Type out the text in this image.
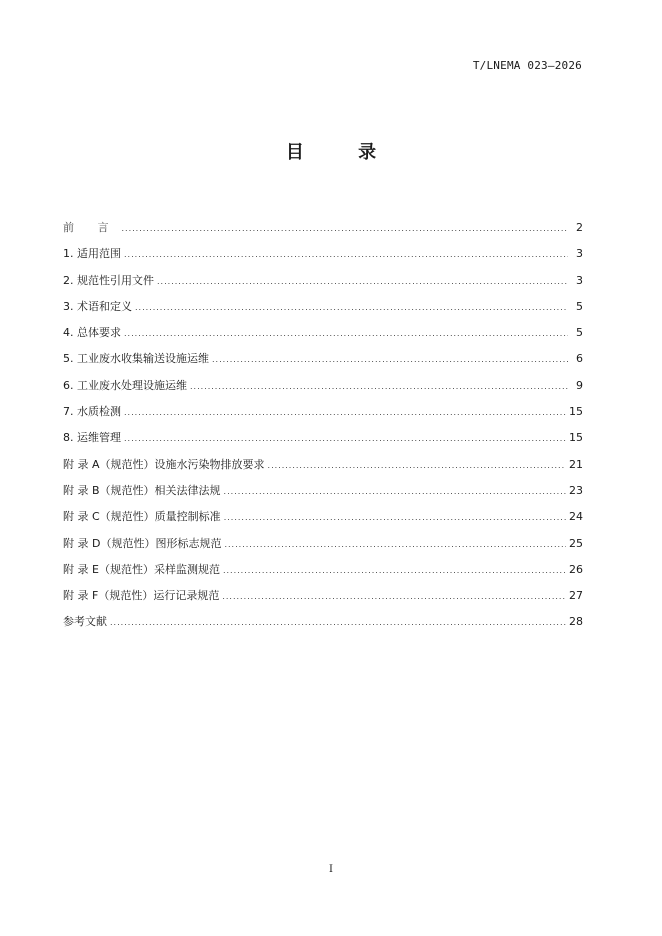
T/LNEMA 023—2026
目 录
前 言 .....	2
1. 适用范围 .....	3
2. 规范性引用文件 .....	3
3. 术语和定义 .....	5
4. 总体要求 .....	5
5. 工业废水收集输送设施运维 .....	6
6. 工业废水处理设施运维 .....	9
7. 水质检测 .....	15
8. 运维管理 .....	15
附 录 A（规范性）设施水污染物排放要求 .....	21
附 录 B（规范性）相关法律法规 .....	23
附 录 C（规范性）质量控制标准 .....	24
附 录 D（规范性）图形标志规范 .....	25
附 录 E（规范性）采样监测规范 .....	26
附 录 F（规范性）运行记录规范 .....	27
参考文献 .....	28
I
